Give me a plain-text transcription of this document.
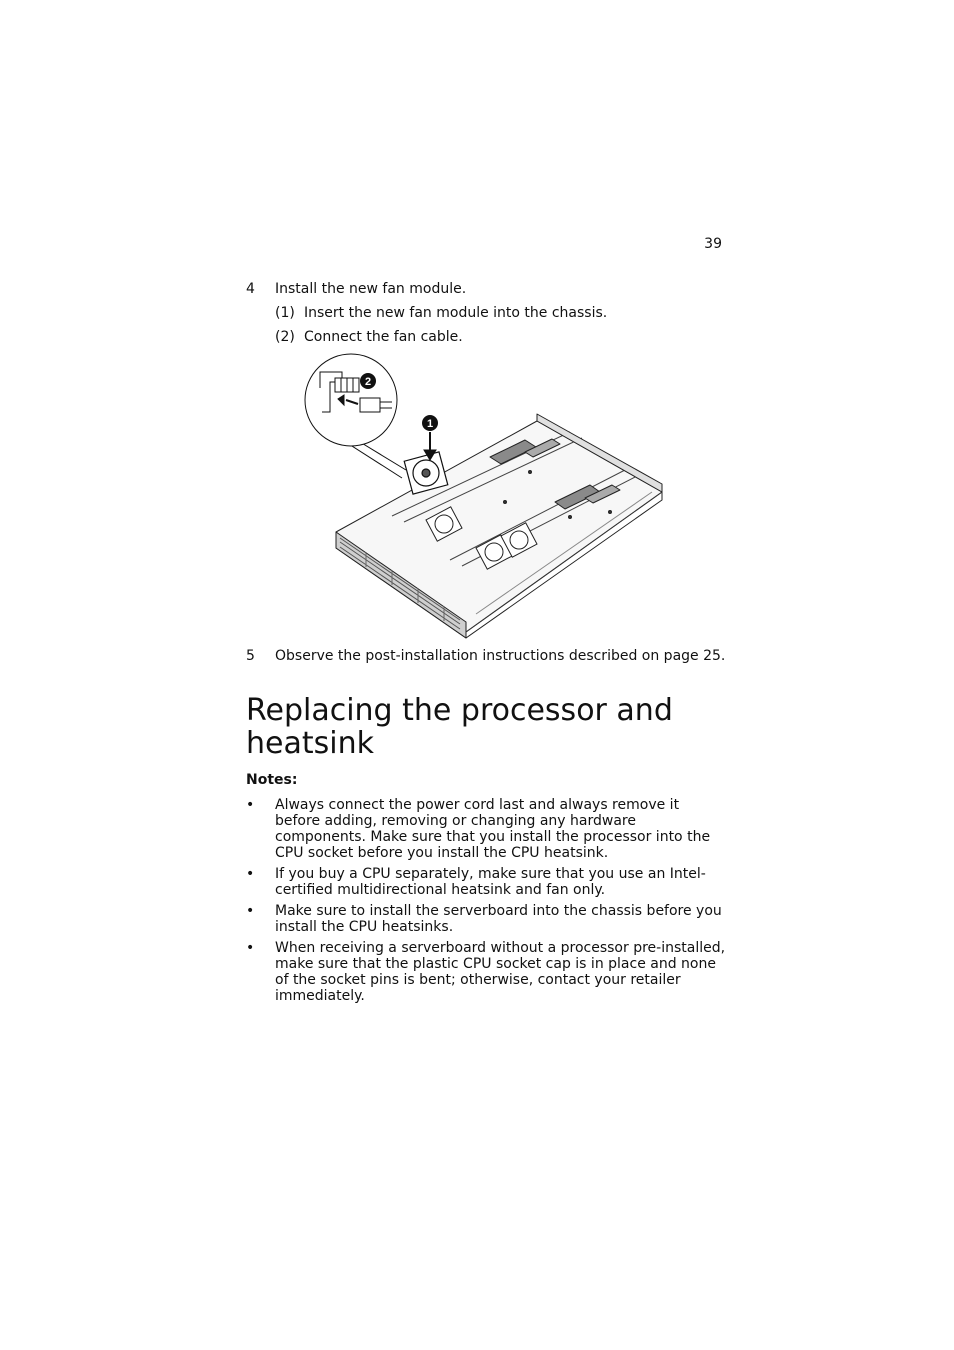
39
4 Install the new fan module.
(1) Insert the new fan module into the chassis.
(2) Connect the fan cable.
1
2
5 Observe the post-installation instructions described on page 25.
Replacing the processor and heatsink
Notes:
• Always connect the power cord last and always remove it before adding, removing or changing any hardware components. Make sure that you install the processor into the CPU socket before you install the CPU heatsink.
• If you buy a CPU separately, make sure that you use an Intel-certified multidirectional heatsink and fan only.
• Make sure to install the serverboard into the chassis before you install the CPU heatsinks.
• When receiving a serverboard without a processor pre-installed, make sure that the plastic CPU socket cap is in place and none of the socket pins is bent; otherwise, contact your retailer immediately.
